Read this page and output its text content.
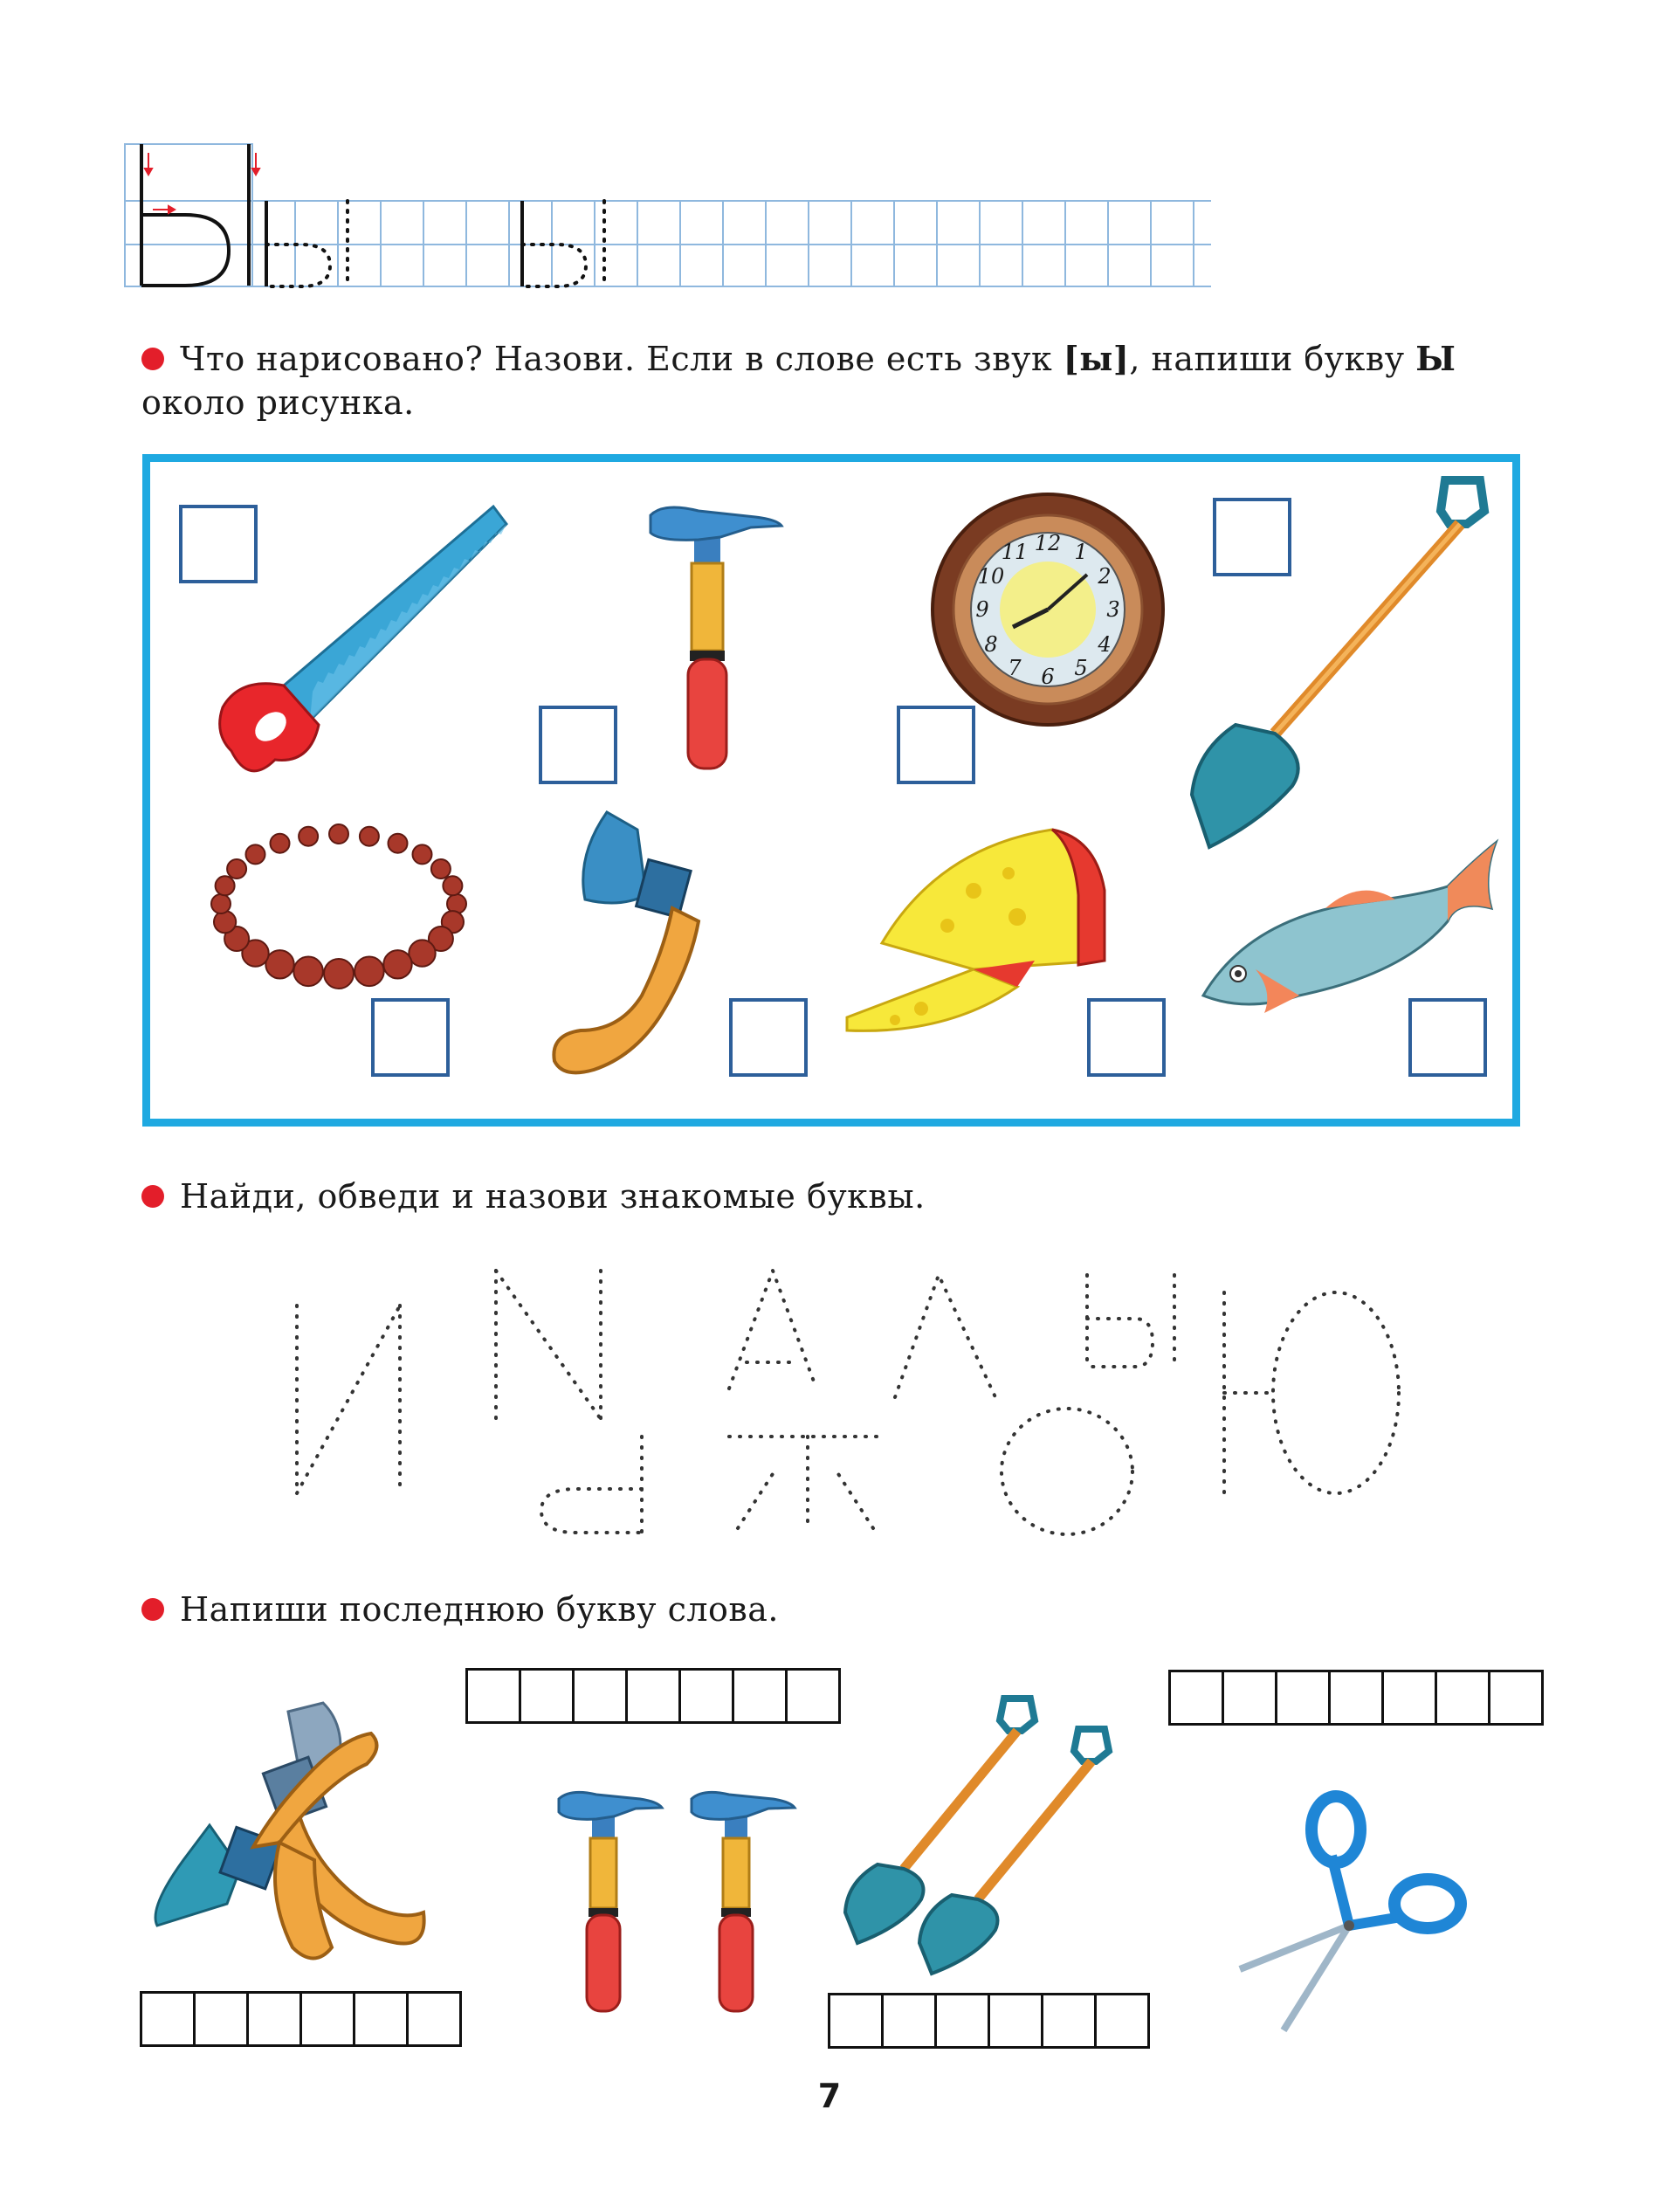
Что нарисовано? Назови. Если в слове есть звук [ы], напиши букву Ы
около рисунка.
12
3
6
9
1
2
4
5
7
8
10
11
Найди, обведи и назови знакомые буквы.
Напиши последнюю букву слова.
7
